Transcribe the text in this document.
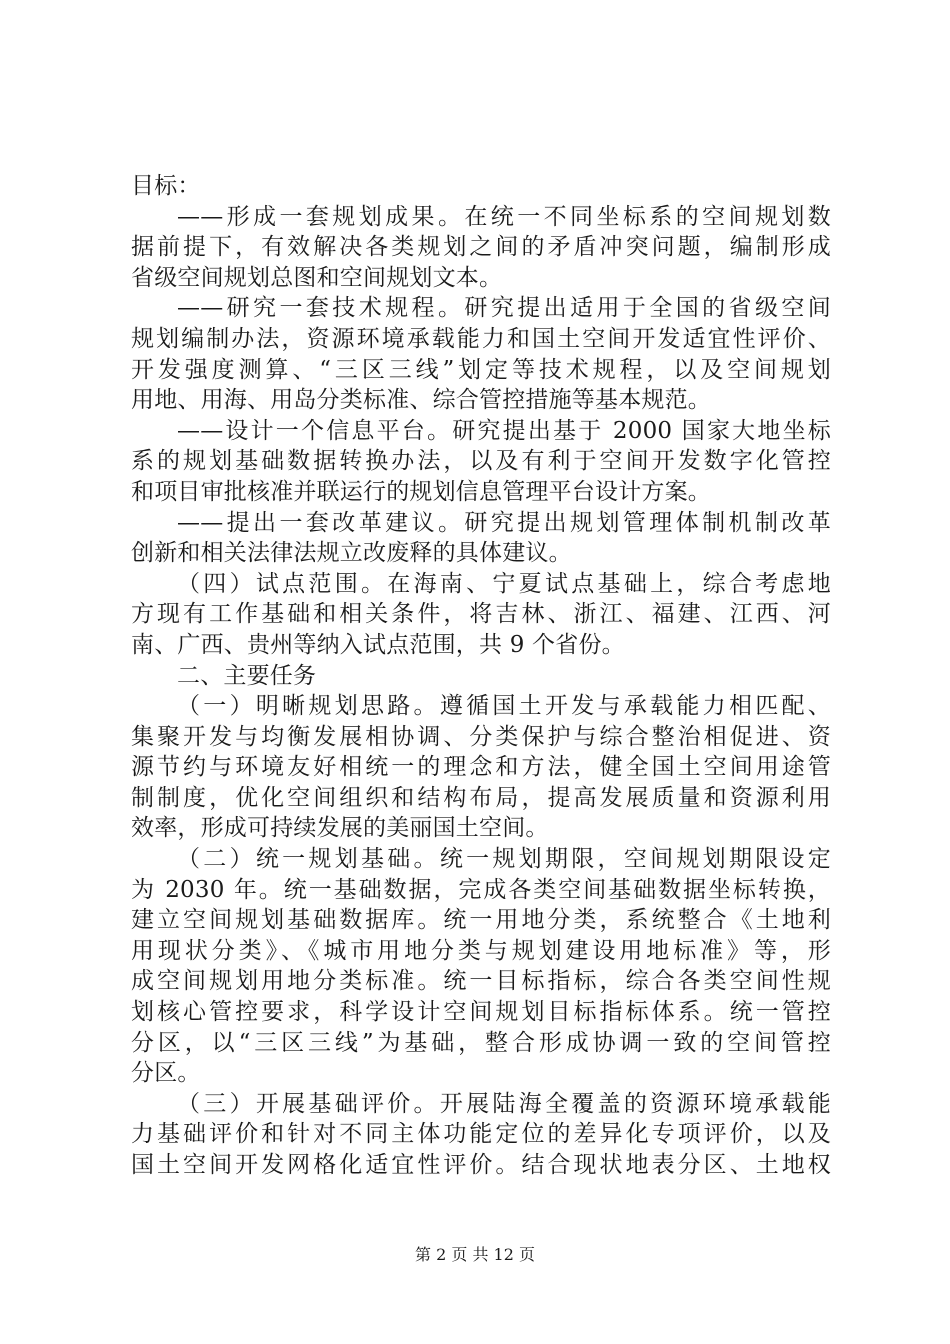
目标：
——形成一套规划成果。在统一不同坐标系的空间规划数
据前提下，有效解决各类规划之间的矛盾冲突问题，编制形成
省级空间规划总图和空间规划文本。
——研究一套技术规程。研究提出适用于全国的省级空间
规划编制办法，资源环境承载能力和国土空间开发适宜性评价、
开发强度测算、“三区三线”划定等技术规程，以及空间规划
用地、用海、用岛分类标准、综合管控措施等基本规范。
——设计一个信息平台。研究提出基于 2000 国家大地坐标
系的规划基础数据转换办法，以及有利于空间开发数字化管控
和项目审批核准并联运行的规划信息管理平台设计方案。
——提出一套改革建议。研究提出规划管理体制机制改革
创新和相关法律法规立改废释的具体建议。
（四）试点范围。在海南、宁夏试点基础上，综合考虑地
方现有工作基础和相关条件，将吉林、浙江、福建、江西、河
南、广西、贵州等纳入试点范围，共 9 个省份。
二、主要任务
（一）明晰规划思路。遵循国土开发与承载能力相匹配、
集聚开发与均衡发展相协调、分类保护与综合整治相促进、资
源节约与环境友好相统一的理念和方法，健全国土空间用途管
制制度，优化空间组织和结构布局，提高发展质量和资源利用
效率，形成可持续发展的美丽国土空间。
（二）统一规划基础。统一规划期限，空间规划期限设定
为 2030 年。统一基础数据，完成各类空间基础数据坐标转换，
建立空间规划基础数据库。统一用地分类，系统整合《土地利
用现状分类》、《城市用地分类与规划建设用地标准》等，形
成空间规划用地分类标准。统一目标指标，综合各类空间性规
划核心管控要求，科学设计空间规划目标指标体系。统一管控
分区，以“三区三线”为基础，整合形成协调一致的空间管控
分区。
（三）开展基础评价。开展陆海全覆盖的资源环境承载能
力基础评价和针对不同主体功能定位的差异化专项评价，以及
国土空间开发网格化适宜性评价。结合现状地表分区、土地权
第 2 页 共 12 页
